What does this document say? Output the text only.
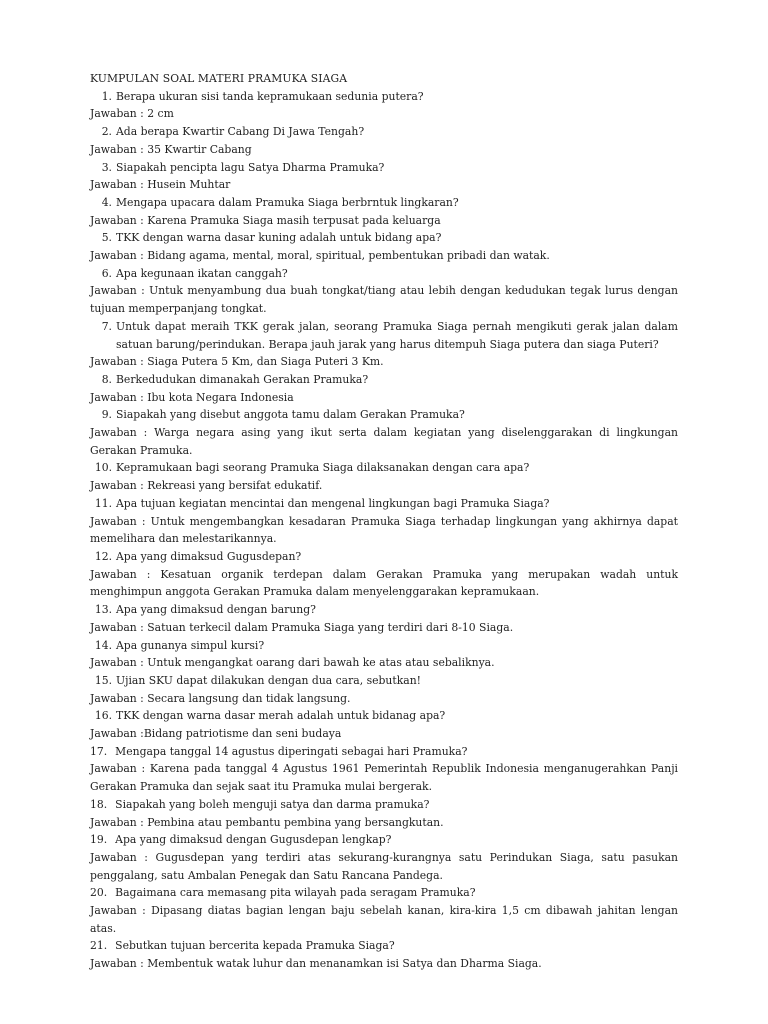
KUMPULAN SOAL MATERI PRAMUKA SIAGA

1. Berapa ukuran sisi tanda kepramukaan sedunia putera?

Jawaban : 2 cm

2. Ada berapa Kwartir Cabang Di Jawa Tengah?

Jawaban : 35 Kwartir Cabang

3. Siapakah pencipta lagu Satya Dharma Pramuka?

Jawaban : Husein Muhtar

4. Mengapa upacara dalam Pramuka Siaga berbrntuk lingkaran?

Jawaban : Karena Pramuka Siaga masih terpusat pada keluarga

5. TKK dengan warna dasar kuning adalah untuk bidang apa?

Jawaban : Bidang agama, mental, moral, spiritual, pembentukan pribadi dan watak.

6. Apa kegunaan ikatan canggah?

Jawaban : Untuk menyambung dua buah tongkat/tiang atau lebih dengan kedudukan tegak lurus dengan tujuan memperpanjang tongkat.

7. Untuk dapat meraih TKK gerak jalan, seorang Pramuka Siaga pernah mengikuti gerak jalan dalam satuan barung/perindukan. Berapa jauh jarak yang harus ditempuh Siaga putera dan siaga Puteri?

Jawaban : Siaga Putera 5 Km, dan Siaga Puteri 3 Km.

8. Berkedudukan dimanakah Gerakan Pramuka?

Jawaban : Ibu kota Negara Indonesia

9. Siapakah yang disebut anggota tamu dalam Gerakan Pramuka?

Jawaban : Warga negara asing yang ikut serta dalam kegiatan yang diselenggarakan di lingkungan Gerakan Pramuka.

10. Kepramukaan bagi seorang Pramuka Siaga dilaksanakan dengan cara apa?

Jawaban : Rekreasi yang bersifat edukatif.

11. Apa tujuan kegiatan mencintai dan mengenal lingkungan bagi Pramuka Siaga?

Jawaban : Untuk mengembangkan kesadaran Pramuka Siaga terhadap lingkungan yang akhirnya dapat memelihara dan melestarikannya.

12. Apa yang dimaksud Gugusdepan?

Jawaban : Kesatuan organik terdepan dalam Gerakan Pramuka yang merupakan wadah untuk menghimpun anggota Gerakan Pramuka dalam menyelenggarakan kepramukaan.

13. Apa yang dimaksud dengan barung?

Jawaban : Satuan terkecil dalam Pramuka Siaga yang terdiri dari 8-10 Siaga.

14. Apa gunanya simpul kursi?

Jawaban : Untuk mengangkat oarang dari bawah ke atas atau sebaliknya.

15. Ujian SKU dapat dilakukan dengan dua cara, sebutkan!

Jawaban : Secara langsung dan tidak langsung.

16. TKK dengan warna dasar merah adalah untuk bidanag apa?

Jawaban :Bidang patriotisme dan seni budaya

17. Mengapa tanggal 14 agustus diperingati sebagai hari Pramuka?

Jawaban : Karena pada tanggal 4 Agustus 1961 Pemerintah Republik Indonesia menganugerahkan Panji Gerakan Pramuka dan sejak saat itu Pramuka mulai bergerak.

18. Siapakah yang boleh menguji satya dan darma pramuka?

Jawaban : Pembina atau pembantu pembina yang bersangkutan.

19. Apa yang dimaksud dengan Gugusdepan lengkap?

Jawaban : Gugusdepan yang terdiri atas sekurang-kurangnya satu Perindukan Siaga, satu pasukan penggalang, satu Ambalan Penegak dan Satu Rancana Pandega.

20. Bagaimana cara memasang pita wilayah pada seragam Pramuka?

Jawaban : Dipasang diatas bagian lengan baju sebelah kanan, kira-kira 1,5 cm dibawah jahitan lengan atas.

21. Sebutkan tujuan bercerita kepada Pramuka Siaga?

Jawaban : Membentuk watak luhur dan menanamkan isi Satya dan Dharma Siaga.
